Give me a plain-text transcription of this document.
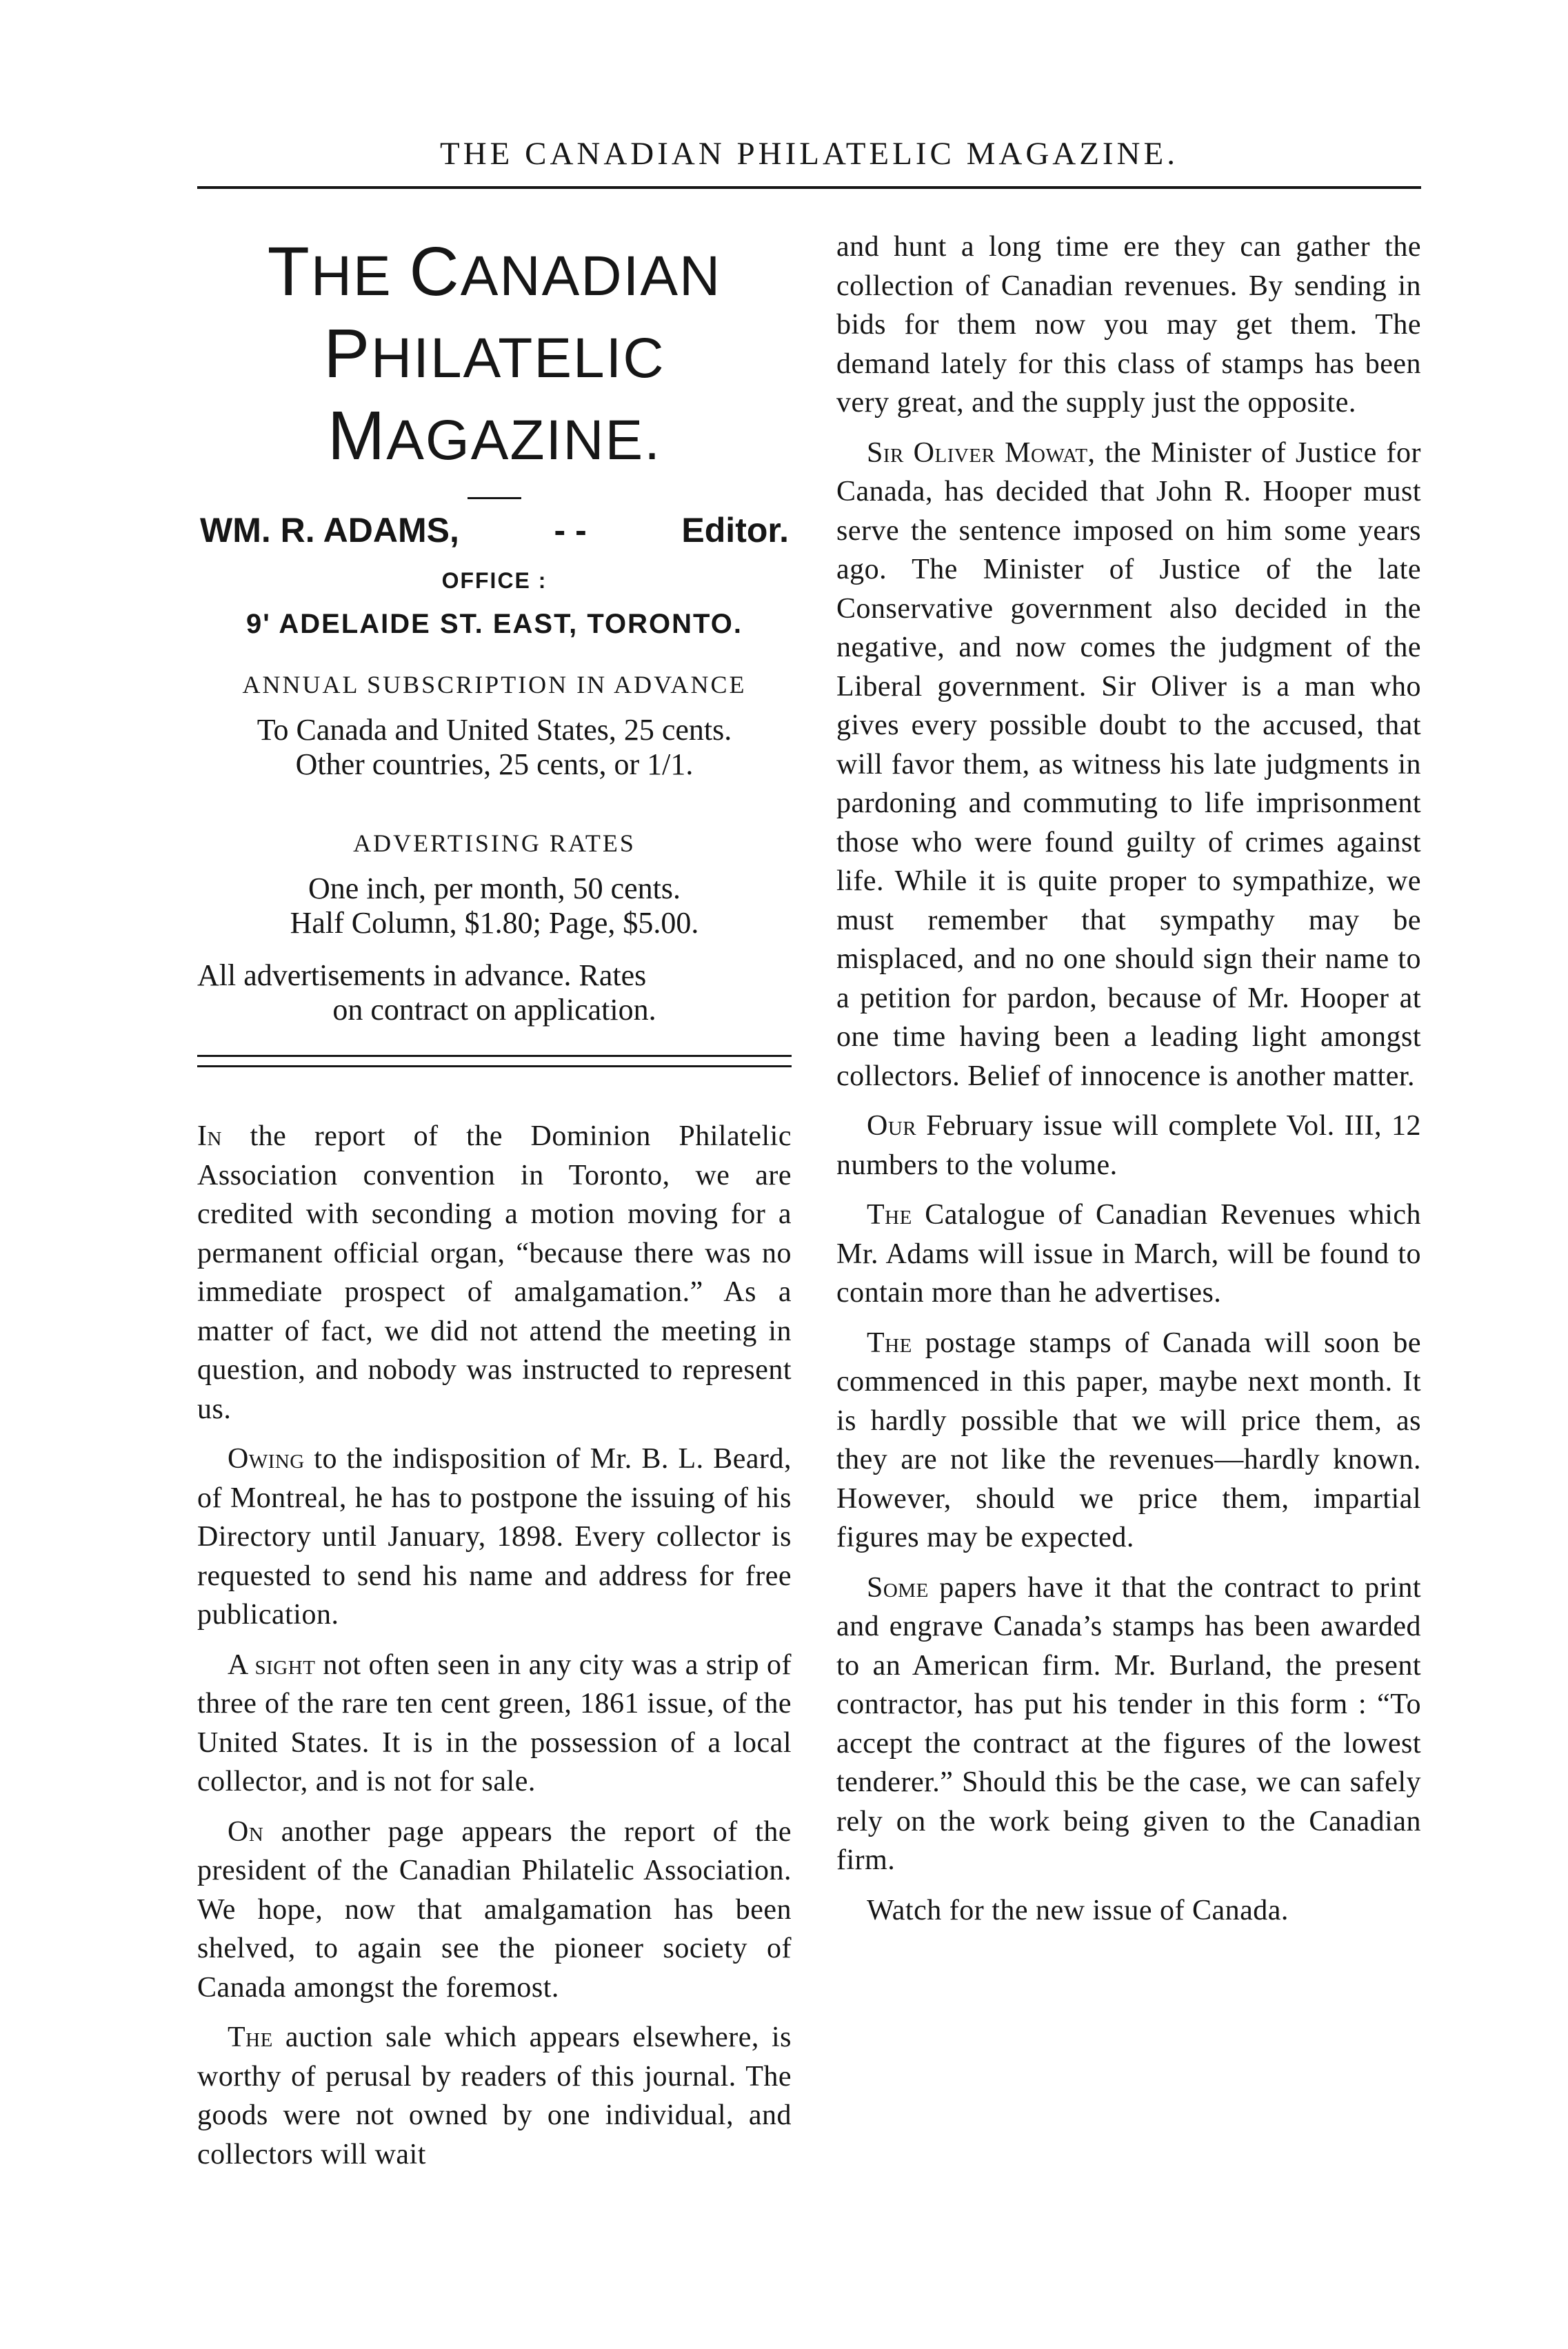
THE CANADIAN PHILATELIC MAGAZINE.
THE CANADIAN
PHILATELIC MAGAZINE.
WM. R. ADAMS,	- -	Editor.
OFFICE :
9' ADELAIDE ST. EAST, TORONTO.
ANNUAL SUBSCRIPTION IN ADVANCE
To Canada and United States, 25 cents.
Other countries, 25 cents, or 1/1.
ADVERTISING RATES
One inch, per month, 50 cents.
Half Column, $1.80; Page, $5.00.
All advertisements in advance. Rates
on contract on application.

In the report of the Dominion Philatelic Association convention in Toronto, we are credited with seconding a motion moving for a permanent official organ, “because there was no immediate prospect of amalgamation.” As a matter of fact, we did not attend the meeting in question, and nobody was instructed to represent us.

Owing to the indisposition of Mr. B. L. Beard, of Montreal, he has to postpone the issuing of his Directory until January, 1898. Every collector is requested to send his name and address for free publication.

A sight not often seen in any city was a strip of three of the rare ten cent green, 1861 issue, of the United States. It is in the possession of a local collector, and is not for sale.

On another page appears the report of the president of the Canadian Philatelic Association. We hope, now that amalgamation has been shelved, to again see the pioneer society of Canada amongst the foremost.

The auction sale which appears elsewhere, is worthy of perusal by readers of this journal. The goods were not owned by one individual, and collectors will wait

and hunt a long time ere they can gather the collection of Canadian revenues. By sending in bids for them now you may get them. The demand lately for this class of stamps has been very great, and the supply just the opposite.

Sir Oliver Mowat, the Minister of Justice for Canada, has decided that John R. Hooper must serve the sentence imposed on him some years ago. The Minister of Justice of the late Conservative government also decided in the negative, and now comes the judgment of the Liberal government. Sir Oliver is a man who gives every possible doubt to the accused, that will favor them, as witness his late judgments in pardoning and commuting to life imprisonment those who were found guilty of crimes against life. While it is quite proper to sympathize, we must remember that sympathy may be misplaced, and no one should sign their name to a petition for pardon, because of Mr. Hooper at one time having been a leading light amongst collectors. Belief of innocence is another matter.

Our February issue will complete Vol. III, 12 numbers to the volume.

The Catalogue of Canadian Revenues which Mr. Adams will issue in March, will be found to contain more than he advertises.

The postage stamps of Canada will soon be commenced in this paper, maybe next month. It is hardly possible that we will price them, as they are not like the revenues—hardly known. However, should we price them, impartial figures may be expected.

Some papers have it that the contract to print and engrave Canada’s stamps has been awarded to an American firm. Mr. Burland, the present contractor, has put his tender in this form : “To accept the contract at the figures of the lowest tenderer.” Should this be the case, we can safely rely on the work being given to the Canadian firm.

Watch for the new issue of Canada.
